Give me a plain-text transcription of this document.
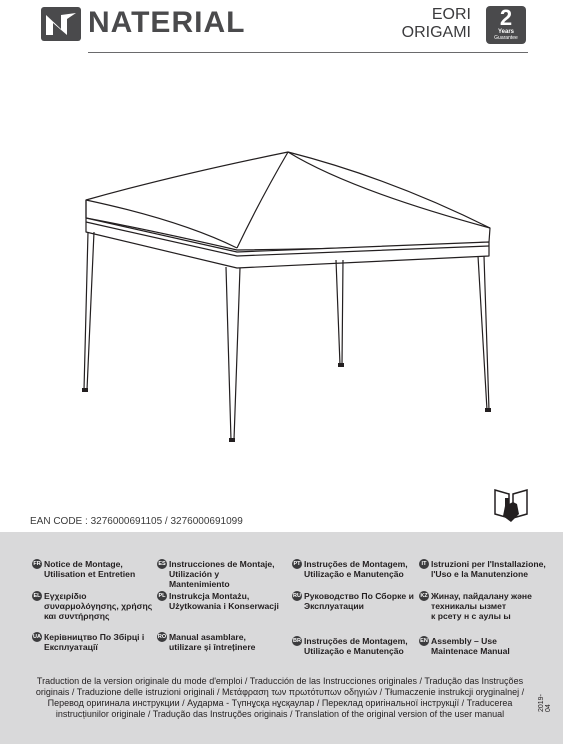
NATERIAL	EORI
ORIGAMI
2
Years
Guarantee
EAN CODE : 3276000691105 / 3276000691099
FR Notice de Montage,
Utilisation et Entretien
ES Instrucciones de Montaje,
Utilización y Mantenimiento
PT Instruções de Montagem,
Utilização e Manutenção
IT Istruzioni per l'Installazione,
l'Uso e la Manutenzione
EL Εγχειρίδιο
συναρμολόγησης, χρήσης
και συντήρησης
PL Instrukcja Montażu,
Użytkowania i Konserwacji
RU Руководство По Сборке и
Эксплуатации
KZ Жинау, пайдалану жəне
техникалы ызмет
к рсету н с аулы ы
UA Керівництво По Збірці і
Експлуатації
RO Manual asamblare,
utilizare și întreținere
BR Instruções de Montagem,
Utilização e Manutenção
EN Assembly – Use
Maintenace Manual
Traduction de la version originale du mode d'emploi / Traducción de las Instrucciones originales / Tradução das Instruções originais / Traduzione delle istruzioni originali / Μετάφραση των πρωτότυπων οδηγιών / Tłumaczenie instrukcji oryginalnej / Перевод оригинала инструкции / Аударма - Түпнұсқа нұсқаулар / Переклад оригінальної інструкції / Traducerea instrucțiunilor originale / Tradução das Instruções originais / Translation of the original version of the user manual
2019-04
